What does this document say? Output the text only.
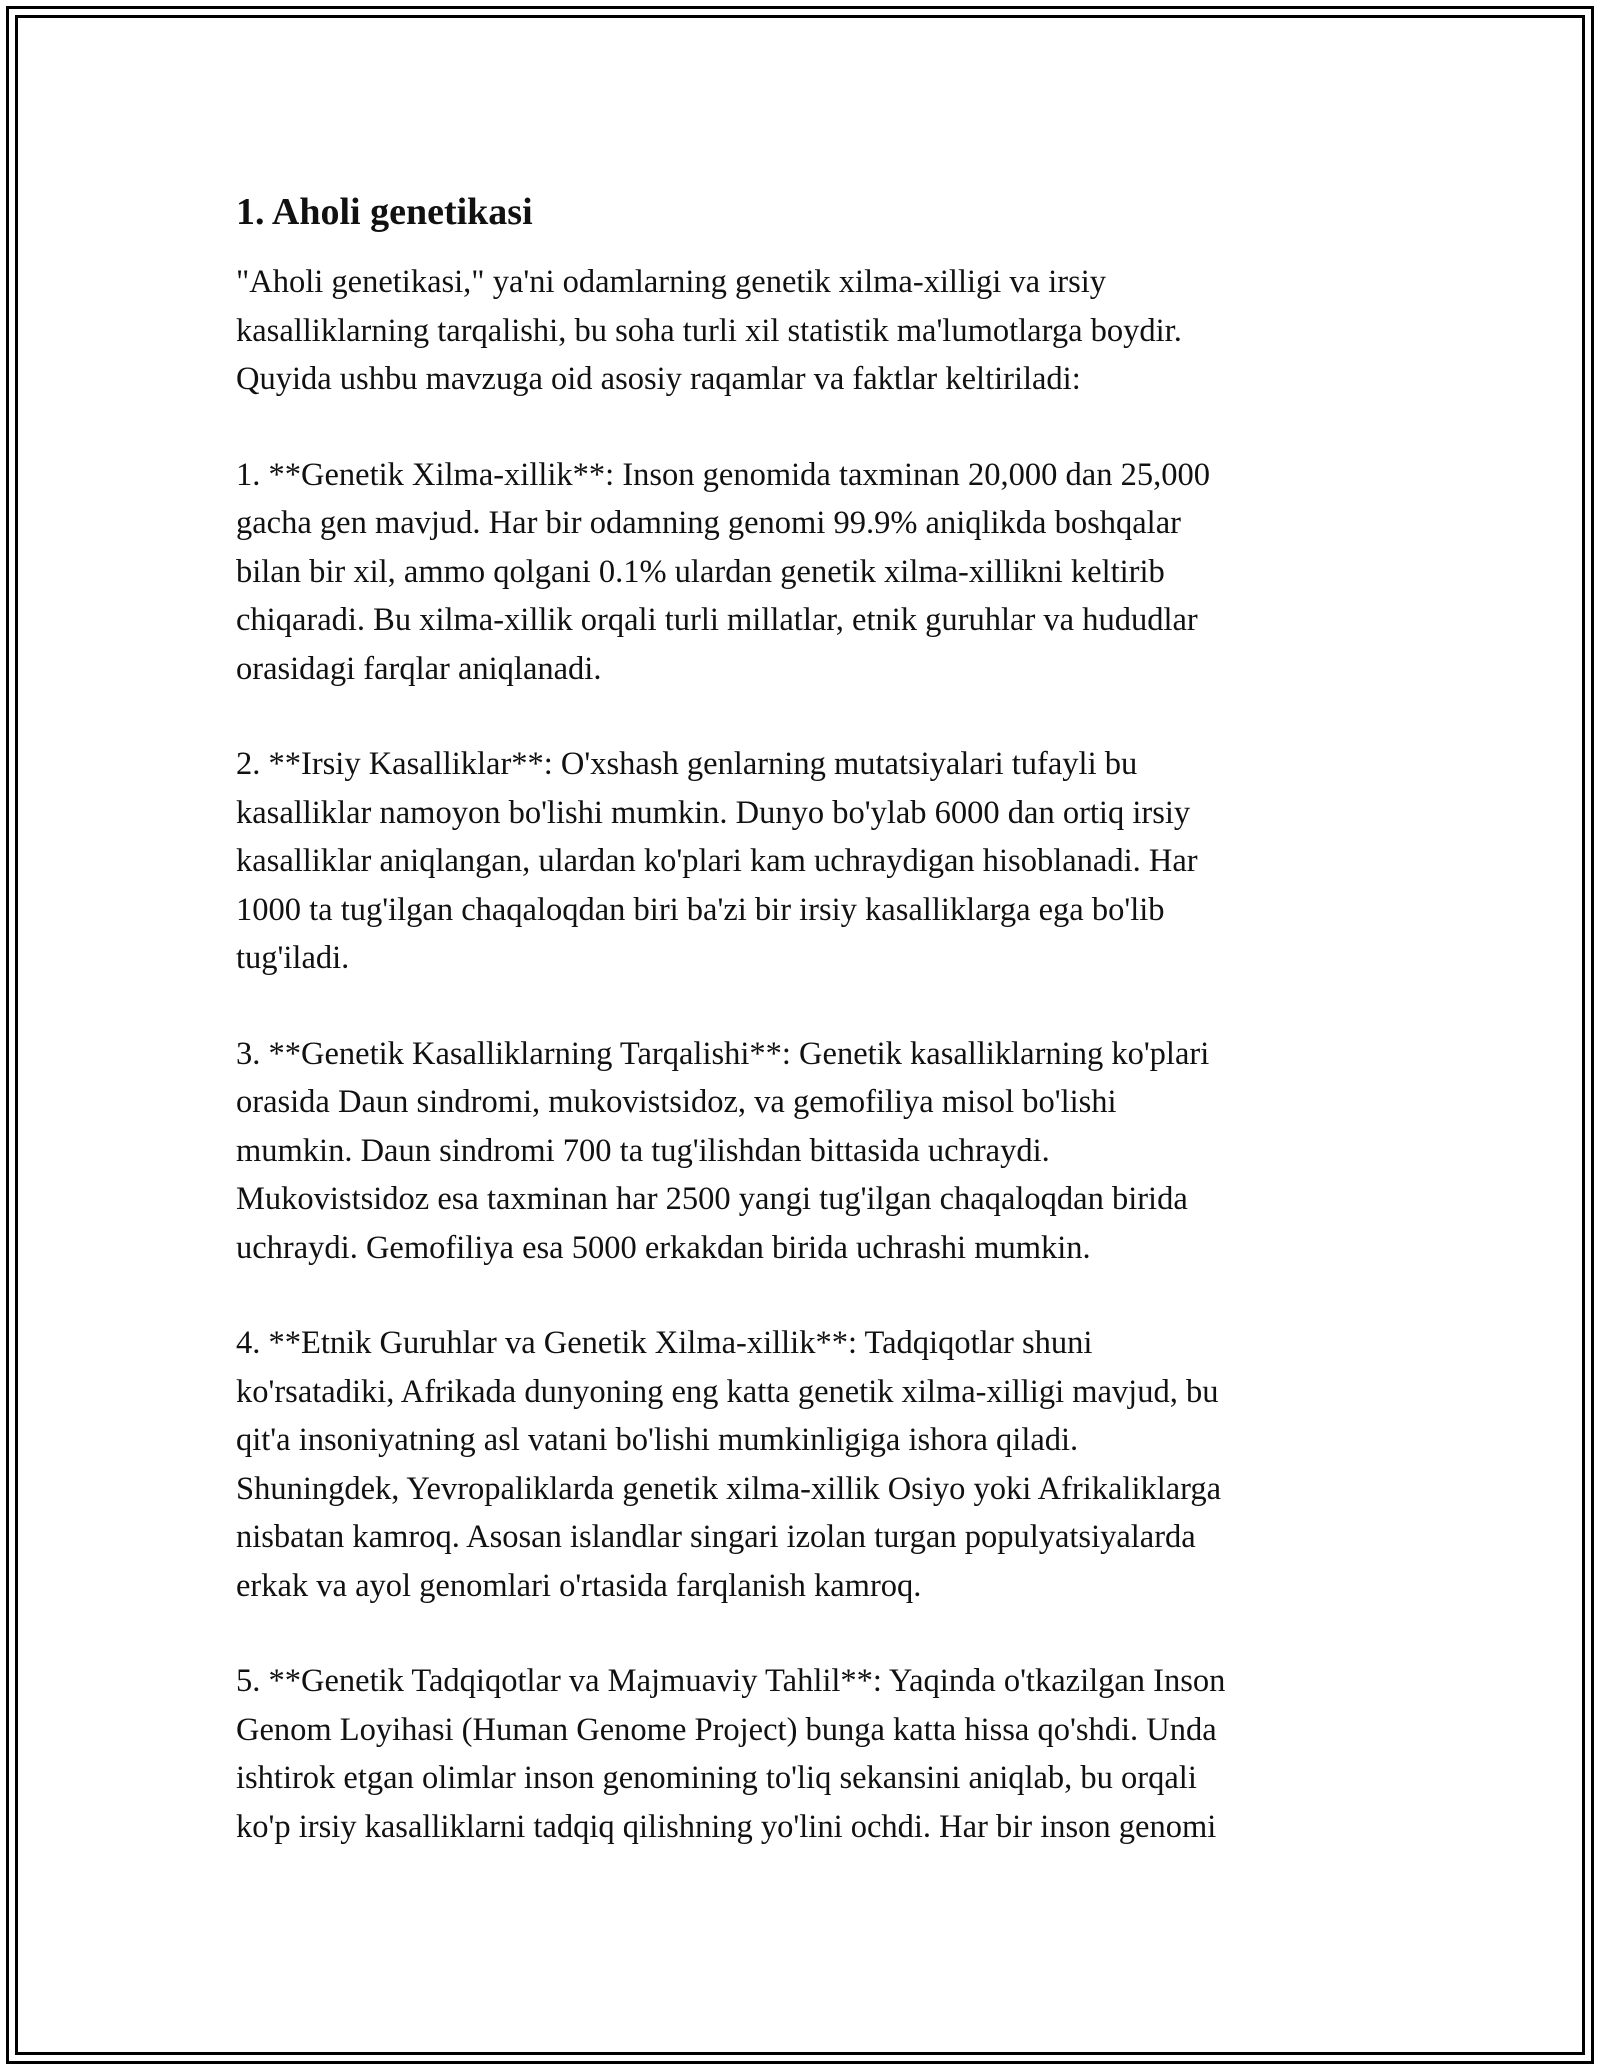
1. Aholi genetikasi
"Aholi genetikasi," ya'ni odamlarning genetik xilma-xilligi va irsiy
kasalliklarning tarqalishi, bu soha turli xil statistik ma'lumotlarga boydir.
Quyida ushbu mavzuga oid asosiy raqamlar va faktlar keltiriladi:
1. **Genetik Xilma-xillik**: Inson genomida taxminan 20,000 dan 25,000
gacha gen mavjud. Har bir odamning genomi 99.9% aniqlikda boshqalar
bilan bir xil, ammo qolgani 0.1% ulardan genetik xilma-xillikni keltirib
chiqaradi. Bu xilma-xillik orqali turli millatlar, etnik guruhlar va hududlar
orasidagi farqlar aniqlanadi.
2. **Irsiy Kasalliklar**: O'xshash genlarning mutatsiyalari tufayli bu
kasalliklar namoyon bo'lishi mumkin. Dunyo bo'ylab 6000 dan ortiq irsiy
kasalliklar aniqlangan, ulardan ko'plari kam uchraydigan hisoblanadi. Har
1000 ta tug'ilgan chaqaloqdan biri ba'zi bir irsiy kasalliklarga ega bo'lib
tug'iladi.
3. **Genetik Kasalliklarning Tarqalishi**: Genetik kasalliklarning ko'plari
orasida Daun sindromi, mukovistsidoz, va gemofiliya misol bo'lishi
mumkin. Daun sindromi 700 ta tug'ilishdan bittasida uchraydi.
Mukovistsidoz esa taxminan har 2500 yangi tug'ilgan chaqaloqdan birida
uchraydi. Gemofiliya esa 5000 erkakdan birida uchrashi mumkin.
4. **Etnik Guruhlar va Genetik Xilma-xillik**: Tadqiqotlar shuni
ko'rsatadiki, Afrikada dunyoning eng katta genetik xilma-xilligi mavjud, bu
qit'a insoniyatning asl vatani bo'lishi mumkinligiga ishora qiladi.
Shuningdek, Yevropaliklarda genetik xilma-xillik Osiyo yoki Afrikaliklarga
nisbatan kamroq. Asosan islandlar singari izolan turgan populyatsiyalarda
erkak va ayol genomlari o'rtasida farqlanish kamroq.
5. **Genetik Tadqiqotlar va Majmuaviy Tahlil**: Yaqinda o'tkazilgan Inson
Genom Loyihasi (Human Genome Project) bunga katta hissa qo'shdi. Unda
ishtirok etgan olimlar inson genomining to'liq sekansini aniqlab, bu orqali
ko'p irsiy kasalliklarni tadqiq qilishning yo'lini ochdi. Har bir inson genomi
